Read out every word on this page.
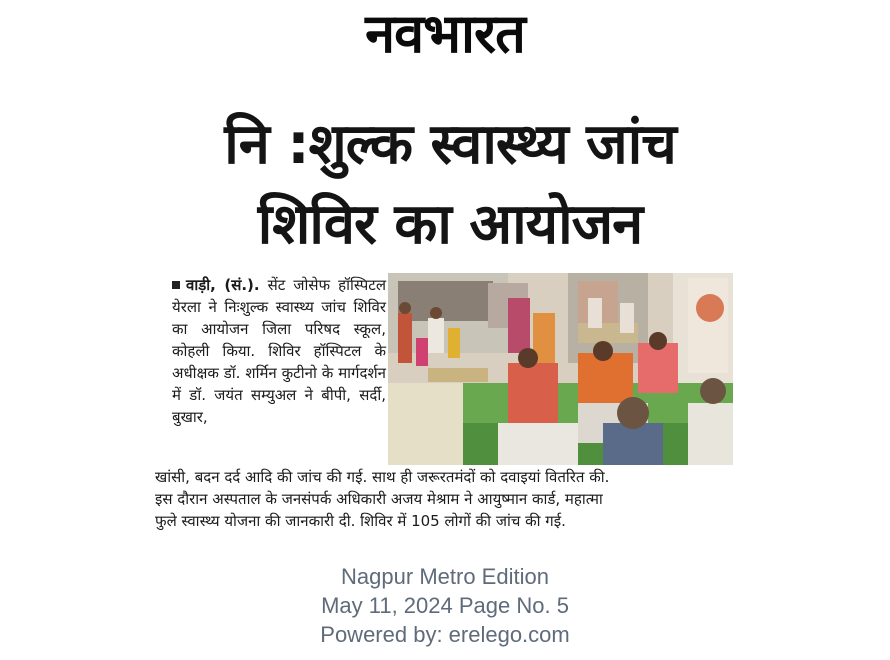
नवभारत
नि :शुल्क स्वास्थ्य जांच
शिविर का आयोजन
वाड़ी, (सं.). सेंट जोसेफ हॉस्पिटल येरला ने निःशुल्क स्वास्थ्य जांच शिविर का आयोजन जिला परिषद स्कूल, कोहली किया. शिविर हॉस्पिटल के अधीक्षक डॉ. शर्मिन कुटीनो के मार्गदर्शन में डॉ. जयंत सम्युअल ने बीपी, सर्दी, बुखार,
खांसी, बदन दर्द आदि की जांच की गई. साथ ही जरूरतमंदों को दवाइयां वितरित की.
इस दौरान अस्पताल के जनसंपर्क अधिकारी अजय मेश्राम ने आयुष्मान कार्ड, महात्मा
फुले स्वास्थ्य योजना की जानकारी दी. शिविर में 105 लोगों की जांच की गई.
Nagpur Metro Edition
May 11, 2024 Page No. 5
Powered by: erelego.com
